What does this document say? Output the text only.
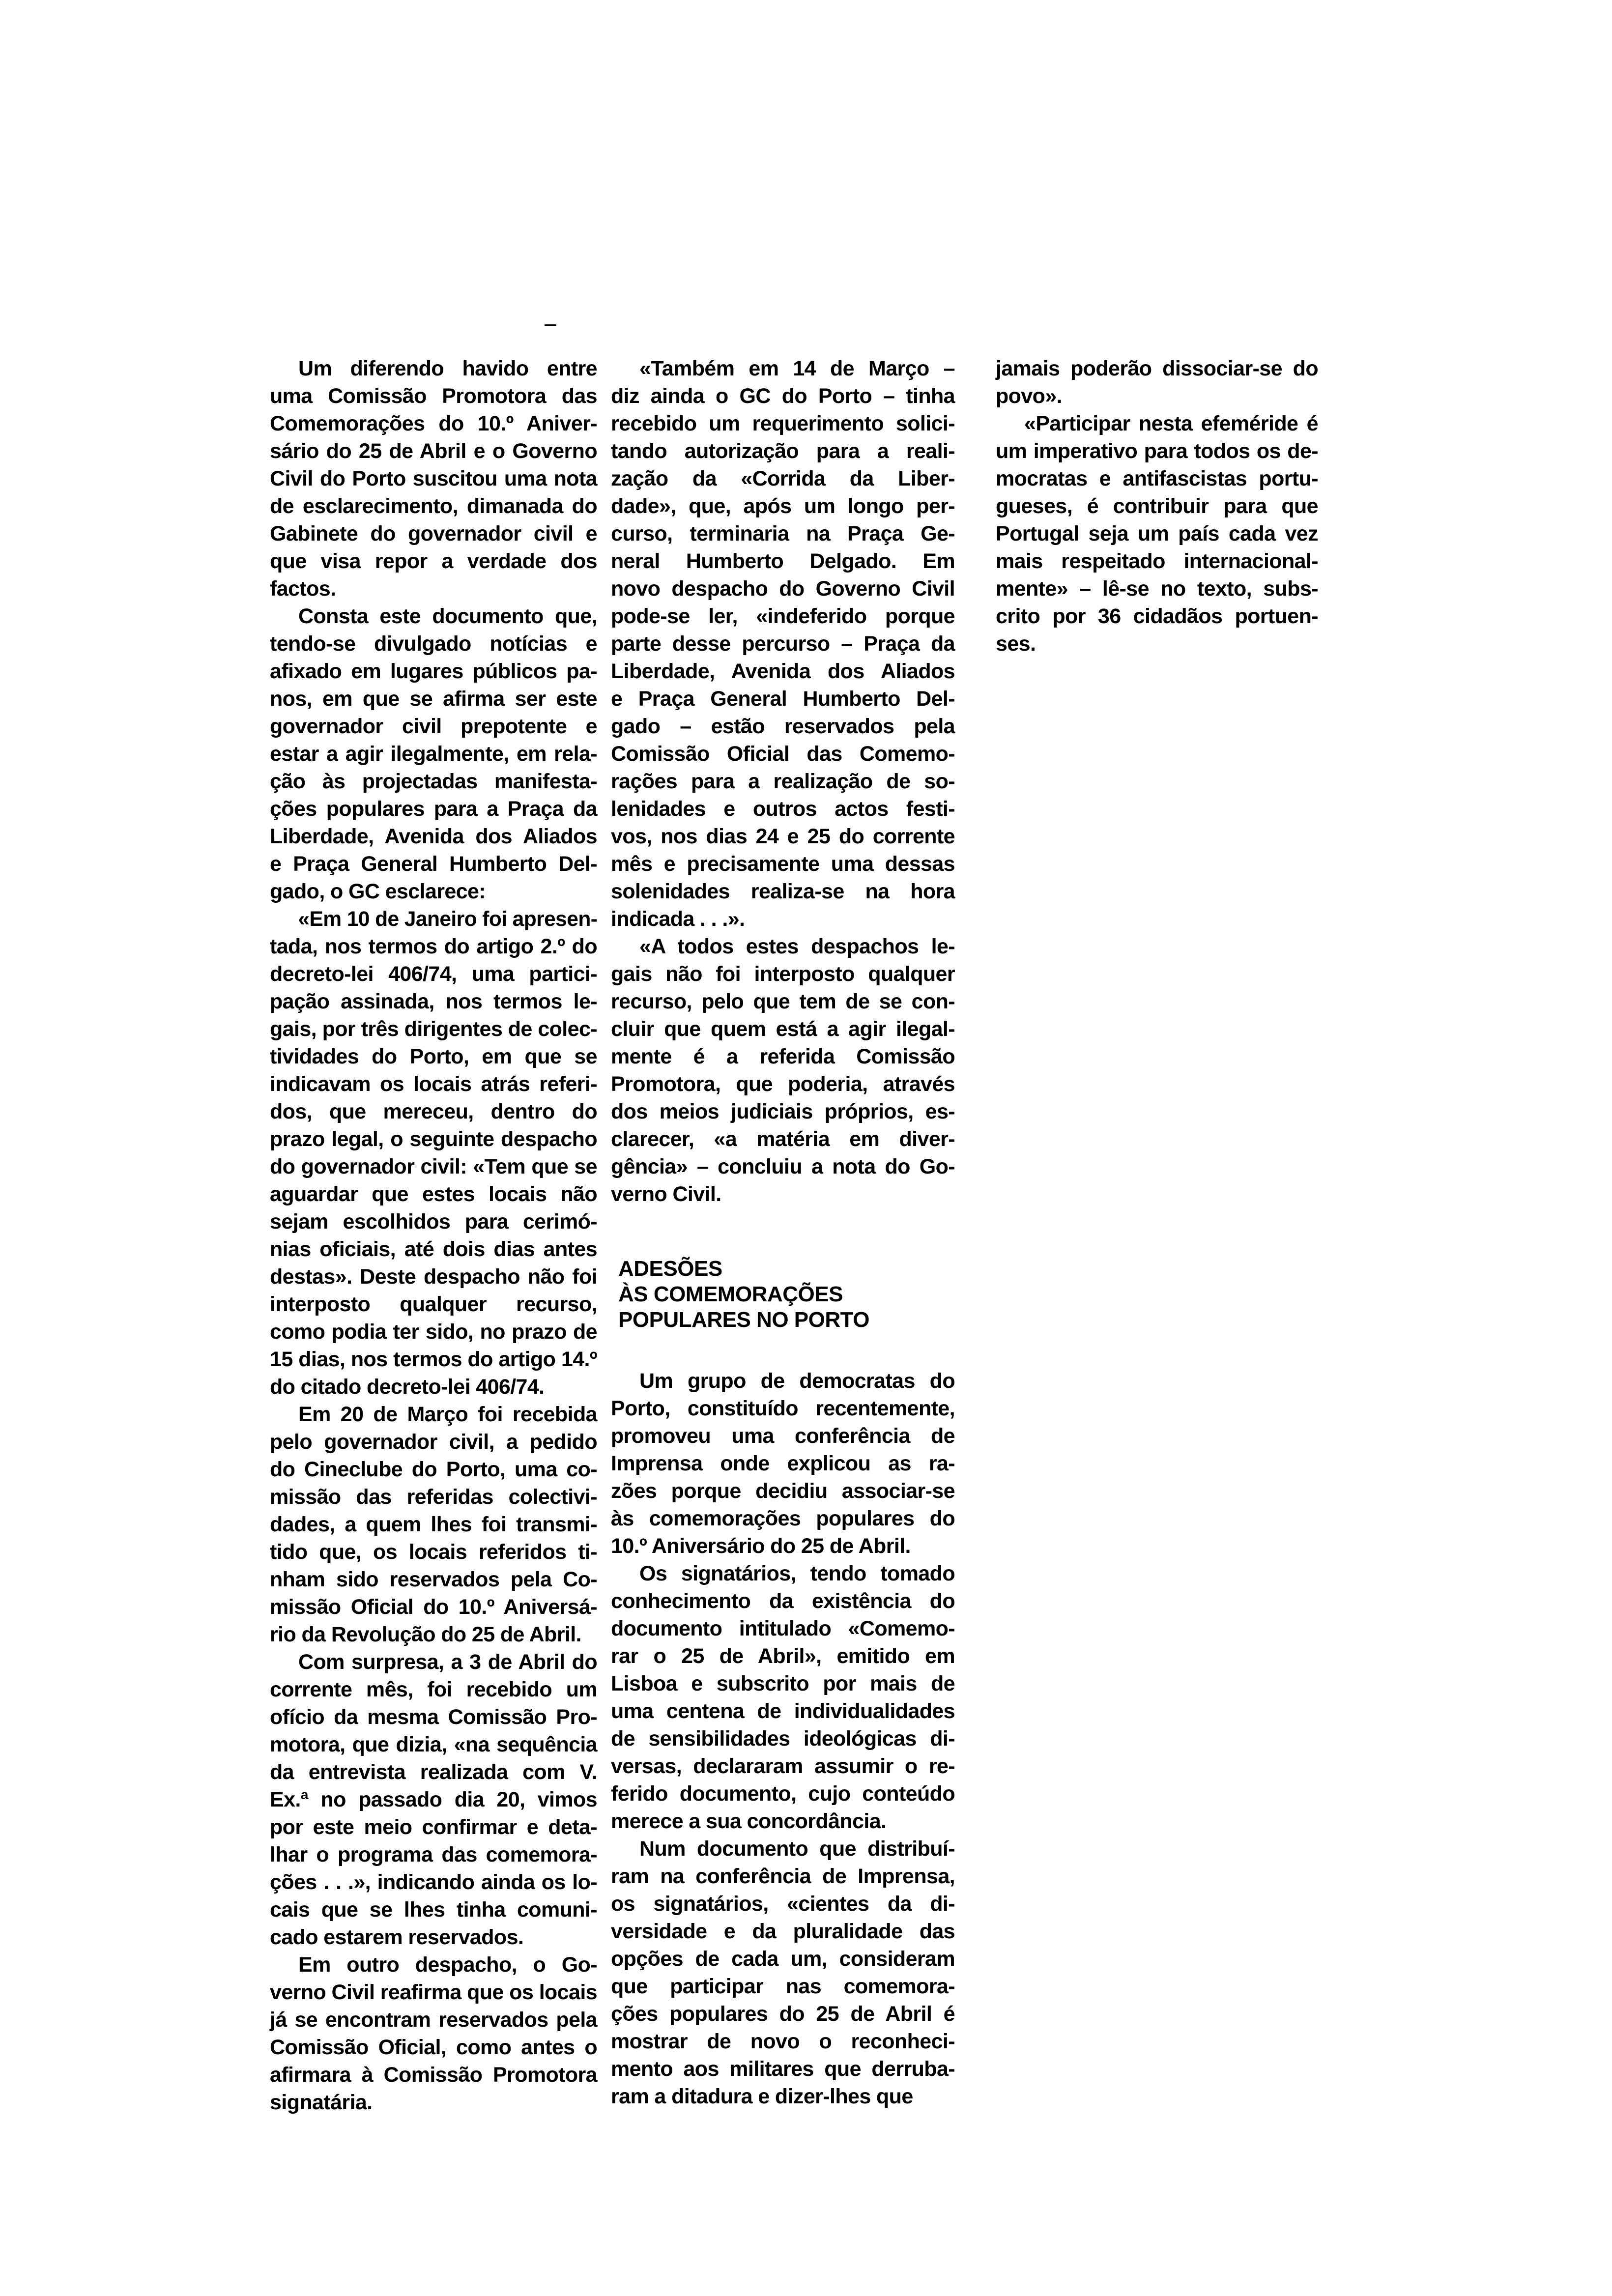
Um diferendo havido entre
uma Comissão Promotora das
Comemorações do 10.º Aniver-
sário do 25 de Abril e o Governo
Civil do Porto suscitou uma nota
de esclarecimento, dimanada do
Gabinete do governador civil e
que visa repor a verdade dos
factos.
Consta este documento que,
tendo-se divulgado notícias e
afixado em lugares públicos pa-
nos, em que se afirma ser este
governador civil prepotente e
estar a agir ilegalmente, em rela-
ção às projectadas manifesta-
ções populares para a Praça da
Liberdade, Avenida dos Aliados
e Praça General Humberto Del-
gado, o GC esclarece:
«Em 10 de Janeiro foi apresen-
tada, nos termos do artigo 2.º do
decreto-lei 406/74, uma partici-
pação assinada, nos termos le-
gais, por três dirigentes de colec-
tividades do Porto, em que se
indicavam os locais atrás referi-
dos, que mereceu, dentro do
prazo legal, o seguinte despacho
do governador civil: «Tem que se
aguardar que estes locais não
sejam escolhidos para cerimó-
nias oficiais, até dois dias antes
destas». Deste despacho não foi
interposto qualquer recurso,
como podia ter sido, no prazo de
15 dias, nos termos do artigo 14.º
do citado decreto-lei 406/74.
Em 20 de Março foi recebida
pelo governador civil, a pedido
do Cineclube do Porto, uma co-
missão das referidas colectivi-
dades, a quem lhes foi transmi-
tido que, os locais referidos ti-
nham sido reservados pela Co-
missão Oficial do 10.º Aniversá-
rio da Revolução do 25 de Abril.
Com surpresa, a 3 de Abril do
corrente mês, foi recebido um
ofício da mesma Comissão Pro-
motora, que dizia, «na sequência
da entrevista realizada com V.
Ex.ª no passado dia 20, vimos
por este meio confirmar e deta-
lhar o programa das comemora-
ções . . .», indicando ainda os lo-
cais que se lhes tinha comuni-
cado estarem reservados.
Em outro despacho, o Go-
verno Civil reafirma que os locais
já se encontram reservados pela
Comissão Oficial, como antes o
afirmara à Comissão Promotora
signatária.
«Também em 14 de Março –
diz ainda o GC do Porto – tinha
recebido um requerimento solici-
tando autorização para a reali-
zação da «Corrida da Liber-
dade», que, após um longo per-
curso, terminaria na Praça Ge-
neral Humberto Delgado. Em
novo despacho do Governo Civil
pode-se ler, «indeferido porque
parte desse percurso – Praça da
Liberdade, Avenida dos Aliados
e Praça General Humberto Del-
gado – estão reservados pela
Comissão Oficial das Comemo-
rações para a realização de so-
lenidades e outros actos festi-
vos, nos dias 24 e 25 do corrente
mês e precisamente uma dessas
solenidades realiza-se na hora
indicada . . .».
«A todos estes despachos le-
gais não foi interposto qualquer
recurso, pelo que tem de se con-
cluir que quem está a agir ilegal-
mente é a referida Comissão
Promotora, que poderia, através
dos meios judiciais próprios, es-
clarecer, «a matéria em diver-
gência» – concluiu a nota do Go-
verno Civil.
ADESÕES
ÀS COMEMORAÇÕES
POPULARES NO PORTO
Um grupo de democratas do
Porto, constituído recentemente,
promoveu uma conferência de
Imprensa onde explicou as ra-
zões porque decidiu associar-se
às comemorações populares do
10.º Aniversário do 25 de Abril.
Os signatários, tendo tomado
conhecimento da existência do
documento intitulado «Comemo-
rar o 25 de Abril», emitido em
Lisboa e subscrito por mais de
uma centena de individualidades
de sensibilidades ideológicas di-
versas, declararam assumir o re-
ferido documento, cujo conteúdo
merece a sua concordância.
Num documento que distribuí-
ram na conferência de Imprensa,
os signatários, «cientes da di-
versidade e da pluralidade das
opções de cada um, consideram
que participar nas comemora-
ções populares do 25 de Abril é
mostrar de novo o reconheci-
mento aos militares que derruba-
ram a ditadura e dizer-lhes que
jamais poderão dissociar-se do
povo».
«Participar nesta efeméride é
um imperativo para todos os de-
mocratas e antifascistas portu-
gueses, é contribuir para que
Portugal seja um país cada vez
mais respeitado internacional-
mente» – lê-se no texto, subs-
crito por 36 cidadãos portuen-
ses.
